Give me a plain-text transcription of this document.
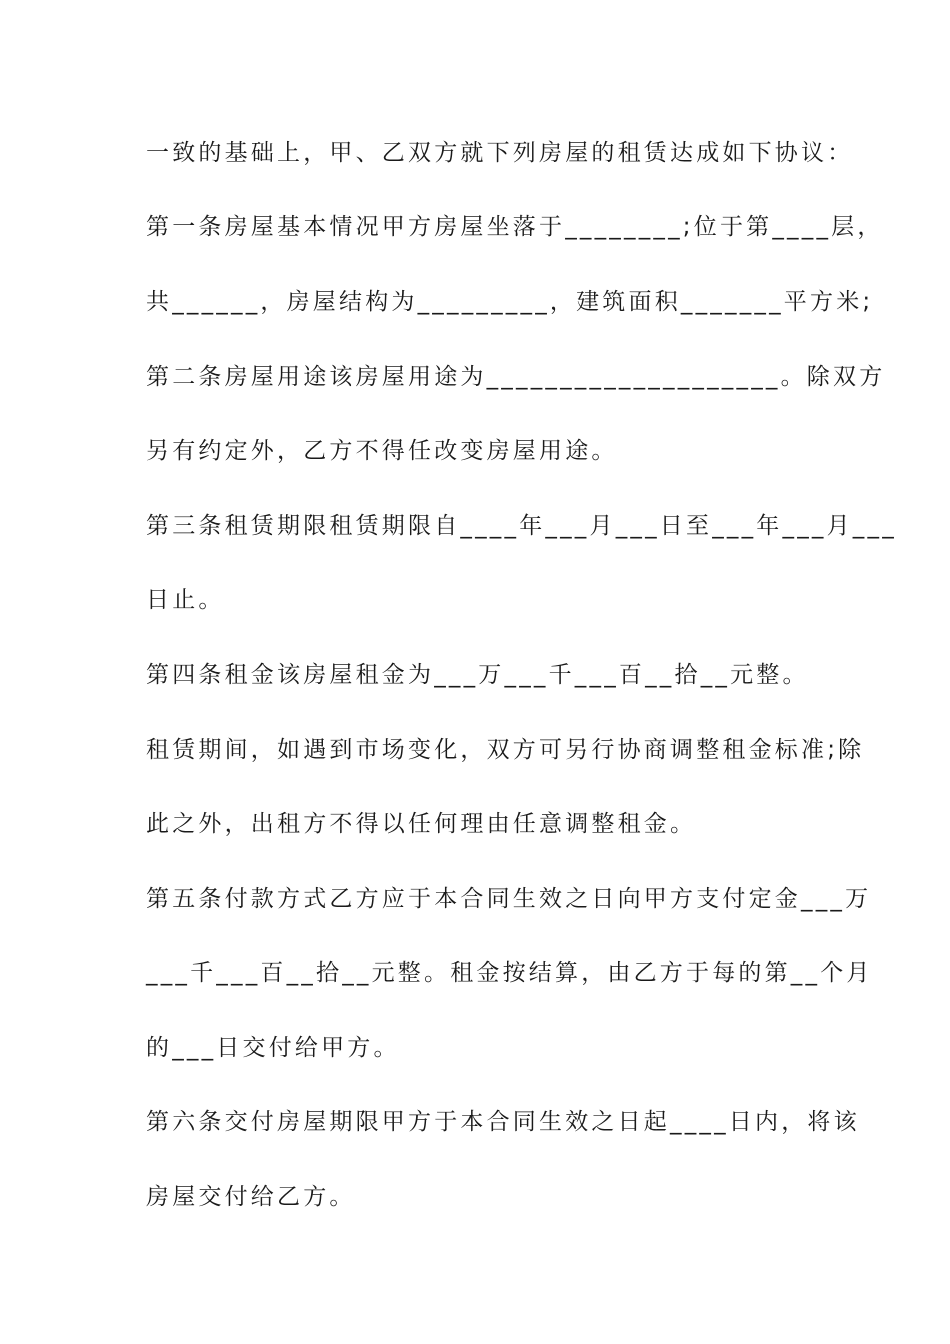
一致的基础上，甲、乙双方就下列房屋的租赁达成如下协议：
第一条房屋基本情况甲方房屋坐落于________;位于第____层，
共______，房屋结构为_________，建筑面积_______平方米;
第二条房屋用途该房屋用途为____________________。除双方
另有约定外，乙方不得任改变房屋用途。
第三条租赁期限租赁期限自____年___月___日至___年___月___
日止。
第四条租金该房屋租金为___万___千___百__拾__元整。
租赁期间，如遇到市场变化，双方可另行协商调整租金标准;除
此之外，出租方不得以任何理由任意调整租金。
第五条付款方式乙方应于本合同生效之日向甲方支付定金___万
___千___百__拾__元整。租金按结算，由乙方于每的第__个月
的___日交付给甲方。
第六条交付房屋期限甲方于本合同生效之日起____日内，将该
房屋交付给乙方。
